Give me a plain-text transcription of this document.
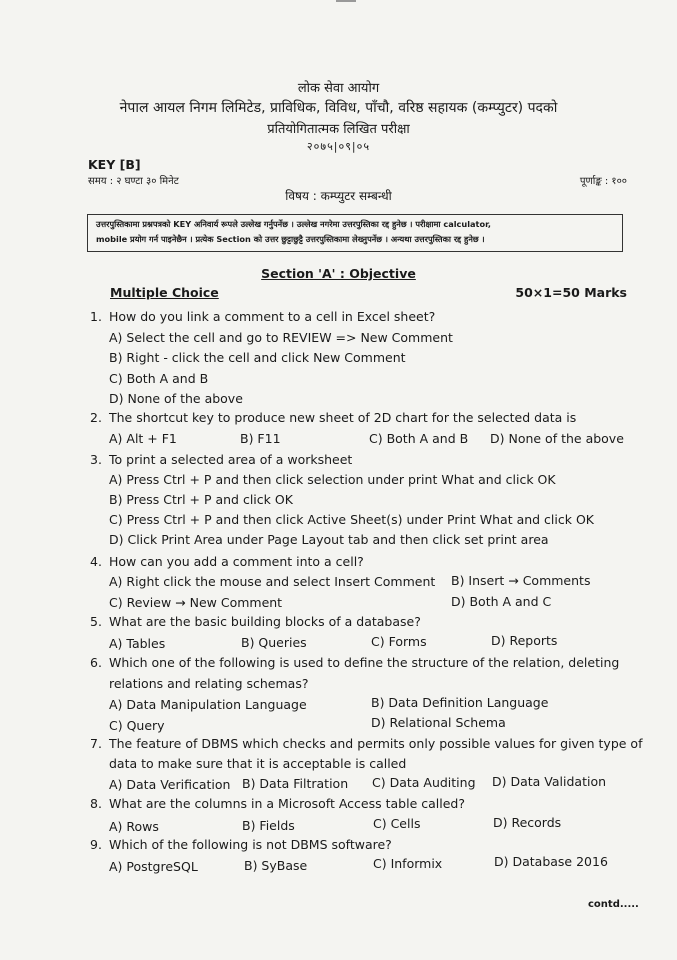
लोक सेवा आयोग
नेपाल आयल निगम लिमिटेड, प्राविधिक, विविध, पाँचौ, वरिष्ठ सहायक (कम्प्युटर) पदको
प्रतियोगितात्मक लिखित परीक्षा
२०७५|०९|०५
KEY [B]
समय : २ घण्टा ३० मिनेट	पूर्णाङ्क : १००
विषय : कम्प्युटर सम्बन्धी
उत्तरपुस्तिकामा प्रश्नपत्रको KEY अनिवार्य रूपले उल्लेख गर्नुपर्नेछ । उल्लेख नगरेमा उत्तरपुस्तिका रद्द हुनेछ । परीक्षामा calculator,
mobile प्रयोग गर्न पाइनेछैन । प्रत्येक Section को उत्तर छुट्टाछुट्टै उत्तरपुस्तिकामा लेख्नुपर्नेछ । अन्यथा उत्तरपुस्तिका रद्द हुनेछ ।
Section 'A' : Objective
Multiple Choice	50×1=50 Marks
1. How do you link a comment to a cell in Excel sheet?
A) Select the cell and go to REVIEW => New Comment
B) Right - click the cell and click New Comment
C) Both A and B
D) None of the above
2. The shortcut key to produce new sheet of 2D chart for the selected data is
A) Alt + F1	B) F11	C) Both A and B D) None of the above
3. To print a selected area of a worksheet
A) Press Ctrl + P and then click selection under print What and click OK
B) Press Ctrl + P and click OK
C) Press Ctrl + P and then click Active Sheet(s) under Print What and click OK
D) Click Print Area under Page Layout tab and then click set print area
4. How can you add a comment into a cell?
A) Right click the mouse and select Insert Comment B) Insert → Comments
C) Review → New Comment	D) Both A and C
5. What are the basic building blocks of a database?
A) Tables	B) Queries	C) Forms	D) Reports
6. Which one of the following is used to define the structure of the relation, deleting
relations and relating schemas?
A) Data Manipulation Language	B) Data Definition Language
C) Query	D) Relational Schema
7. The feature of DBMS which checks and permits only possible values for given type of
data to make sure that it is acceptable is called
A) Data Verification B) Data Filtration C) Data Auditing D) Data Validation
8. What are the columns in a Microsoft Access table called?
A) Rows	B) Fields	C) Cells	D) Records
9. Which of the following is not DBMS software?
A) PostgreSQL	B) SyBase	C) Informix	D) Database 2016
contd.....
